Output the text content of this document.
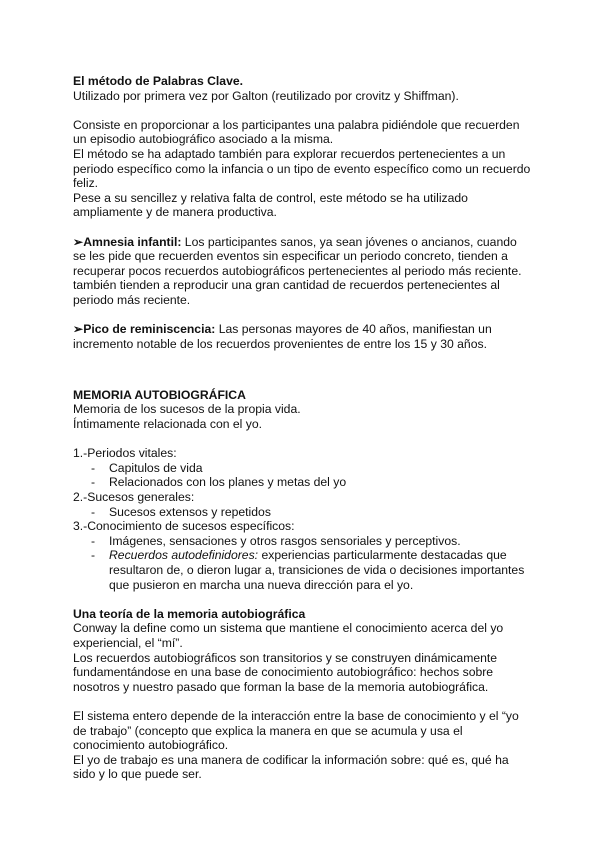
El método de Palabras Clave.

Utilizado por primera vez por Galton (reutilizado por crovitz y Shiffman).

Consiste en proporcionar a los participantes una palabra pidiéndole que recuerden un episodio autobiográfico asociado a la misma.

El método se ha adaptado también para explorar recuerdos pertenecientes a un periodo específico como la infancia o un tipo de evento específico como un recuerdo feliz.

Pese a su sencillez y relativa falta de control, este método se ha utilizado ampliamente y de manera productiva.

➢Amnesia infantil: Los participantes sanos, ya sean jóvenes o ancianos, cuando se les pide que recuerden eventos sin especificar un periodo concreto, tienden a recuperar pocos recuerdos autobiográficos pertenecientes al periodo más reciente.

también tienden a reproducir una gran cantidad de recuerdos pertenecientes al periodo más reciente.

➢Pico de reminiscencia: Las personas mayores de 40 años, manifiestan un incremento notable de los recuerdos provenientes de entre los 15 y 30 años.

MEMORIA AUTOBIOGRÁFICA

Memoria de los sucesos de la propia vida.

Íntimamente relacionada con el yo.

1.-Periodos vitales:

- Capitulos de vida
- Relacionados con los planes y metas del yo

2.-Sucesos generales:

- Sucesos extensos y repetidos

3.-Conocimiento de sucesos específicos:

- Imágenes, sensaciones y otros rasgos sensoriales y perceptivos.
- Recuerdos autodefinidores: experiencias particularmente destacadas que resultaron de, o dieron lugar a, transiciones de vida o decisiones importantes que pusieron en marcha una nueva dirección para el yo.

Una teoría de la memoria autobiográfica

Conway la define como un sistema que mantiene el conocimiento acerca del yo experiencial, el “mí”.

Los recuerdos autobiográficos son transitorios y se construyen dinámicamente fundamentándose en una base de conocimiento autobiográfico: hechos sobre nosotros y nuestro pasado que forman la base de la memoria autobiográfica.

El sistema entero depende de la interacción entre la base de conocimiento y el “yo de trabajo” (concepto que explica la manera en que se acumula y usa el conocimiento autobiográfico.

El yo de trabajo es una manera de codificar la información sobre: qué es, qué ha sido y lo que puede ser.
